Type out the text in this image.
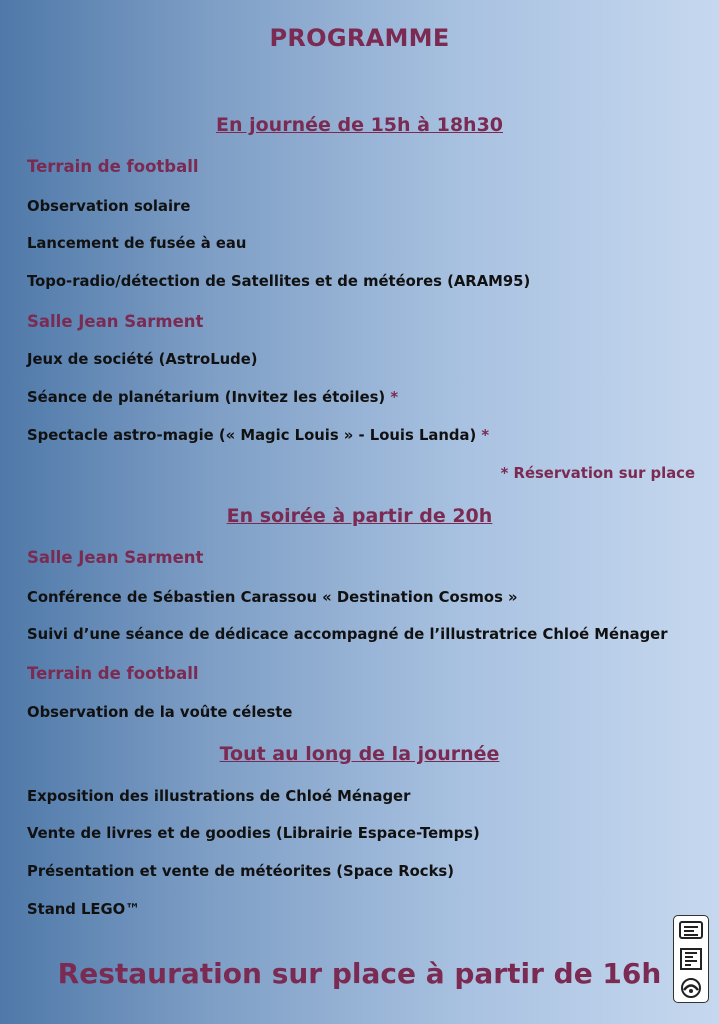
PROGRAMME
En journée de 15h à 18h30
Terrain de football
Observation solaire
Lancement de fusée à eau
Topo-radio/détection de Satellites et de météores (ARAM95)
Salle Jean Sarment
Jeux de société (AstroLude)
Séance de planétarium (Invitez les étoiles) *
Spectacle astro-magie (« Magic Louis » - Louis Landa) *
* Réservation sur place
En soirée à partir de 20h
Salle Jean Sarment
Conférence de Sébastien Carassou « Destination Cosmos »
Suivi d’une séance de dédicace accompagné de l’illustratrice Chloé Ménager
Terrain de football
Observation de la voûte céleste
Tout au long de la journée
Exposition des illustrations de Chloé Ménager
Vente de livres et de goodies (Librairie Espace-Temps)
Présentation et vente de météorites (Space Rocks)
Stand LEGO™
Restauration sur place à partir de 16h
